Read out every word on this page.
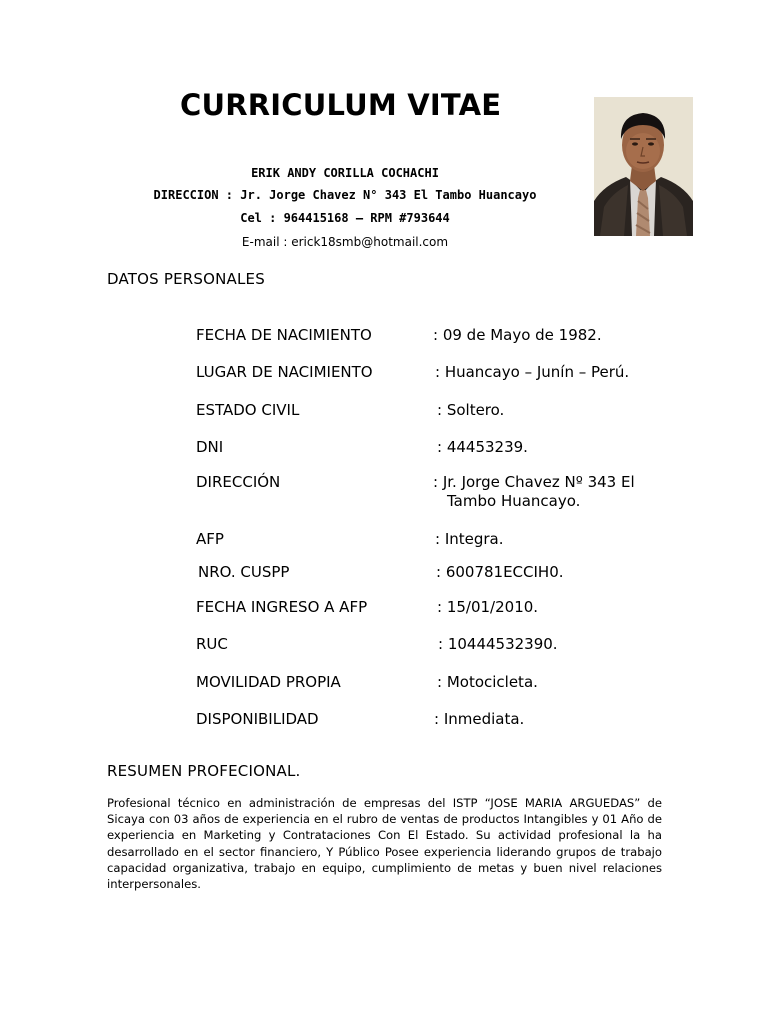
CURRICULUM VITAE
ERIK ANDY CORILLA COCHACHI
DIRECCION : Jr. Jorge Chavez N° 343 El Tambo Huancayo
Cel : 964415168 – RPM #793644
E-mail : erick18smb@hotmail.com
DATOS PERSONALES
FECHA DE NACIMIENTO	: 09 de Mayo de 1982.
LUGAR DE NACIMIENTO	: Huancayo – Junín – Perú.
ESTADO CIVIL	: Soltero.
DNI	: 44453239.
DIRECCIÓN	: Jr. Jorge Chavez Nº 343 El
Tambo Huancayo.
AFP	: Integra.
NRO. CUSPP	: 600781ECCIH0.
FECHA INGRESO A AFP	: 15/01/2010.
RUC	: 10444532390.
MOVILIDAD PROPIA	: Motocicleta.
DISPONIBILIDAD	: Inmediata.
RESUMEN PROFECIONAL.
Profesional técnico en administración de empresas del ISTP “JOSE MARIA ARGUEDAS” de Sicaya con 03 años de experiencia en el rubro de ventas de productos Intangibles y 01 Año de experiencia en Marketing y Contrataciones Con El Estado. Su actividad profesional la ha desarrollado en el sector financiero, Y Público Posee experiencia liderando grupos de trabajo capacidad organizativa, trabajo en equipo, cumplimiento de metas y buen nivel relaciones interpersonales.
